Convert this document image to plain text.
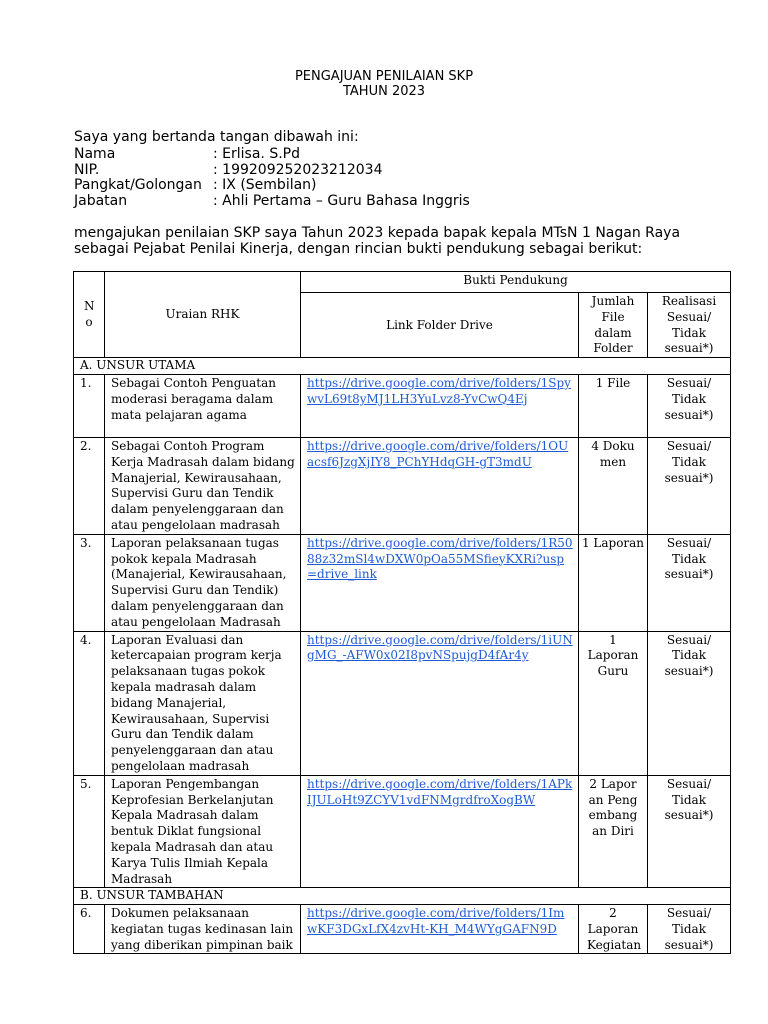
PENGAJUAN PENILAIAN SKP
TAHUN 2023
Saya yang bertanda tangan dibawah ini:
Nama	: Erlisa. S.Pd
NIP.	: 199209252023212034
Pangkat/Golongan : IX (Sembilan)
Jabatan	: Ahli Pertama – Guru Bahasa Inggris
mengajukan penilaian SKP saya Tahun 2023 kepada bapak kepala MTsN 1 Nagan Raya sebagai Pejabat Penilai Kinerja, dengan rincian bukti pendukung sebagai berikut:
N o	Uraian RHK	Bukti Pendukung		
		Link Folder Drive	Jumlah File dalam Folder	Realisasi Sesuai/ Tidak sesuai*)
A. UNSUR UTAMA				
1.	Sebagai Contoh Penguatan moderasi beragama dalam mata pelajaran agama	https://drive.google.com/drive/folders/1SpywvL69t8yMJ1LH3YuLvz8-YvCwQ4Ej	1 File	Sesuai/ Tidak sesuai*)
2.	Sebagai Contoh Program Kerja Madrasah dalam bidang Manajerial, Kewirausahaan, Supervisi Guru dan Tendik dalam penyelenggaraan dan atau pengelolaan madrasah	https://drive.google.com/drive/folders/1OUacsf6JzgXjIY8_PChYHdqGH-gT3mdU	4 Dokumen	Sesuai/ Tidak sesuai*)
3.	Laporan pelaksanaan tugas pokok kepala Madrasah (Manajerial, Kewirausahaan, Supervisi Guru dan Tendik) dalam penyelenggaraan dan atau pengelolaan Madrasah	https://drive.google.com/drive/folders/1R5088z32mSl4wDXW0pOa55MSfieyKXRi?usp=drive_link	1 Laporan	Sesuai/ Tidak sesuai*)
4.	Laporan Evaluasi dan ketercapaian program kerja pelaksanaan tugas pokok kepala madrasah dalam bidang Manajerial, Kewirausahaan, Supervisi Guru dan Tendik dalam penyelenggaraan dan atau pengelolaan madrasah	https://drive.google.com/drive/folders/1iUNgMG_-AFW0x02I8pvNSpujgD4fAr4y	1 Laporan Guru	Sesuai/ Tidak sesuai*)
5.	Laporan Pengembangan Keprofesian Berkelanjutan Kepala Madrasah dalam bentuk Diklat fungsional kepala Madrasah dan atau Karya Tulis Ilmiah Kepala Madrasah	https://drive.google.com/drive/folders/1APkIJULoHt9ZCYV1vdFNMgrdfroXogBW	2 Laporan Pengembangan Diri	Sesuai/ Tidak sesuai*)
B. UNSUR TAMBAHAN				
6.	Dokumen pelaksanaan kegiatan tugas kedinasan lain yang diberikan pimpinan baik	https://drive.google.com/drive/folders/1ImwKF3DGxLfX4zvHt-KH_M4WYgGAFN9D	2 Laporan Kegiatan	Sesuai/ Tidak sesuai*)
